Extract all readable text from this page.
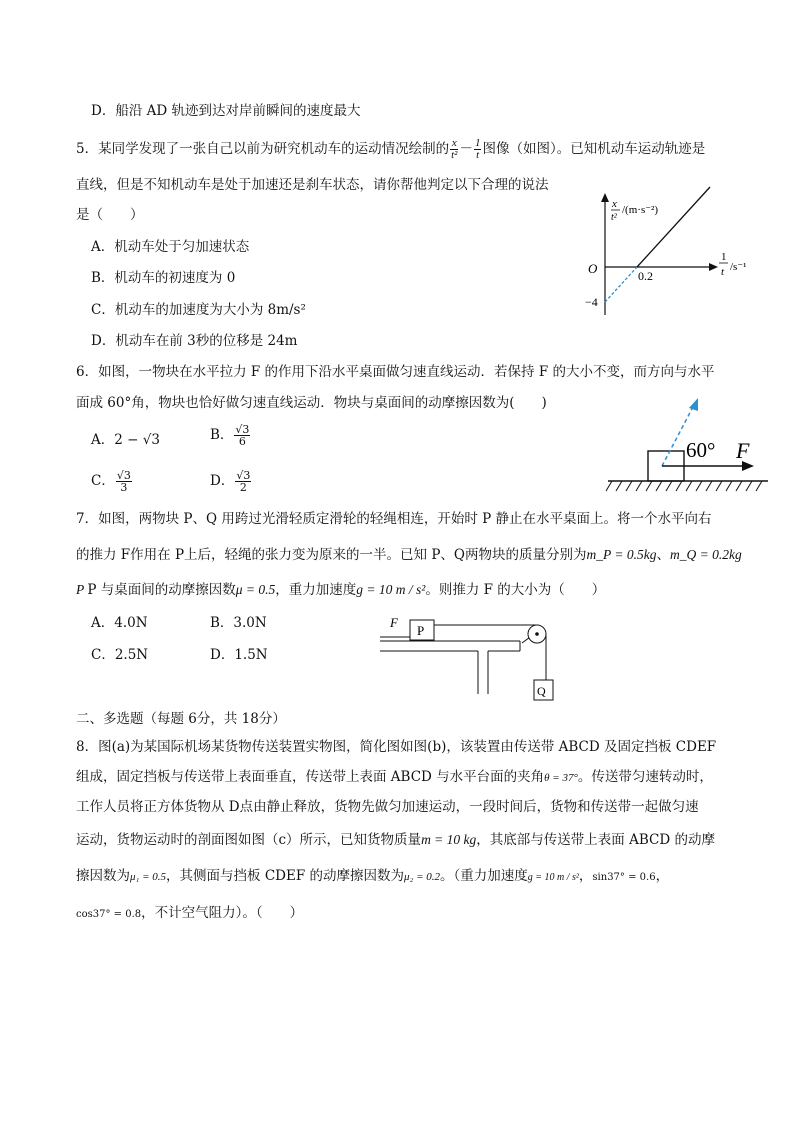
D．船沿 AD 轨迹到达对岸前瞬间的速度最大
5．某同学发现了一张自己以前为研究机动车的运动情况绘制的 $\frac{x}{\text{t²}} - \frac{1}{t}$ 图像（如图）。已知机动车运动轨迹是
直线，但是不知机动车是处于加速还是刹车状态，请你帮他判定以下合理的说法
是（　　）
A．机动车处于匀加速状态
B．机动车的初速度为 0
C．机动车的加速度为大小为 8m/s²
D．机动车在前 3秒的位移是 24m
x
t²
/(m·s⁻²)
1
t /s⁻¹
O	0.2
−4
6．如图，一物块在水平拉力 F 的作用下沿水平桌面做匀速直线运动．若保持 F 的大小不变，而方向与水平
面成 60°角，物块也恰好做匀速直线运动．物块与桌面间的动摩擦因数为(　　)
A．2 − √3	B． $\frac{√3}{6}$
C． $\frac{√3}{3}$	D． $\frac{√3}{2}$
60° F
7．如图，两物块 P、Q 用跨过光滑轻质定滑轮的轻绳相连，开始时 P 静止在水平桌面上。将一个水平向右
的推力 F作用在 P上后，轻绳的张力变为原来的一半。已知 P、Q两物块的质量分别为m_P = 0.5kg、m_Q = 0.2kg
P P 与桌面间的动摩擦因数μ = 0.5，重力加速度g = 10 m / s²。则推力 F 的大小为（　　）
A．4.0N	B．3.0N
C．2.5N	D．1.5N
F
P
Q
二、多选题（每题 6分，共 18分）
8．图(a)为某国际机场某货物传送装置实物图，简化图如图(b)，该装置由传送带 ABCD 及固定挡板 CDEF
组成，固定挡板与传送带上表面垂直，传送带上表面 ABCD 与水平台面的夹角θ = 37°。传送带匀速转动时，
工作人员将正方体货物从 D点由静止释放，货物先做匀加速运动，一段时间后，货物和传送带一起做匀速
运动，货物运动时的剖面图如图（c）所示，已知货物质量m = 10 kg，其底部与传送带上表面 ABCD 的动摩
擦因数为μ₁ = 0.5，其侧面与挡板 CDEF 的动摩擦因数为μ₂ = 0.2。（重力加速度g = 10 m / s²，sin37° = 0.6，
cos37° = 0.8，不计空气阻力）。（　　）
